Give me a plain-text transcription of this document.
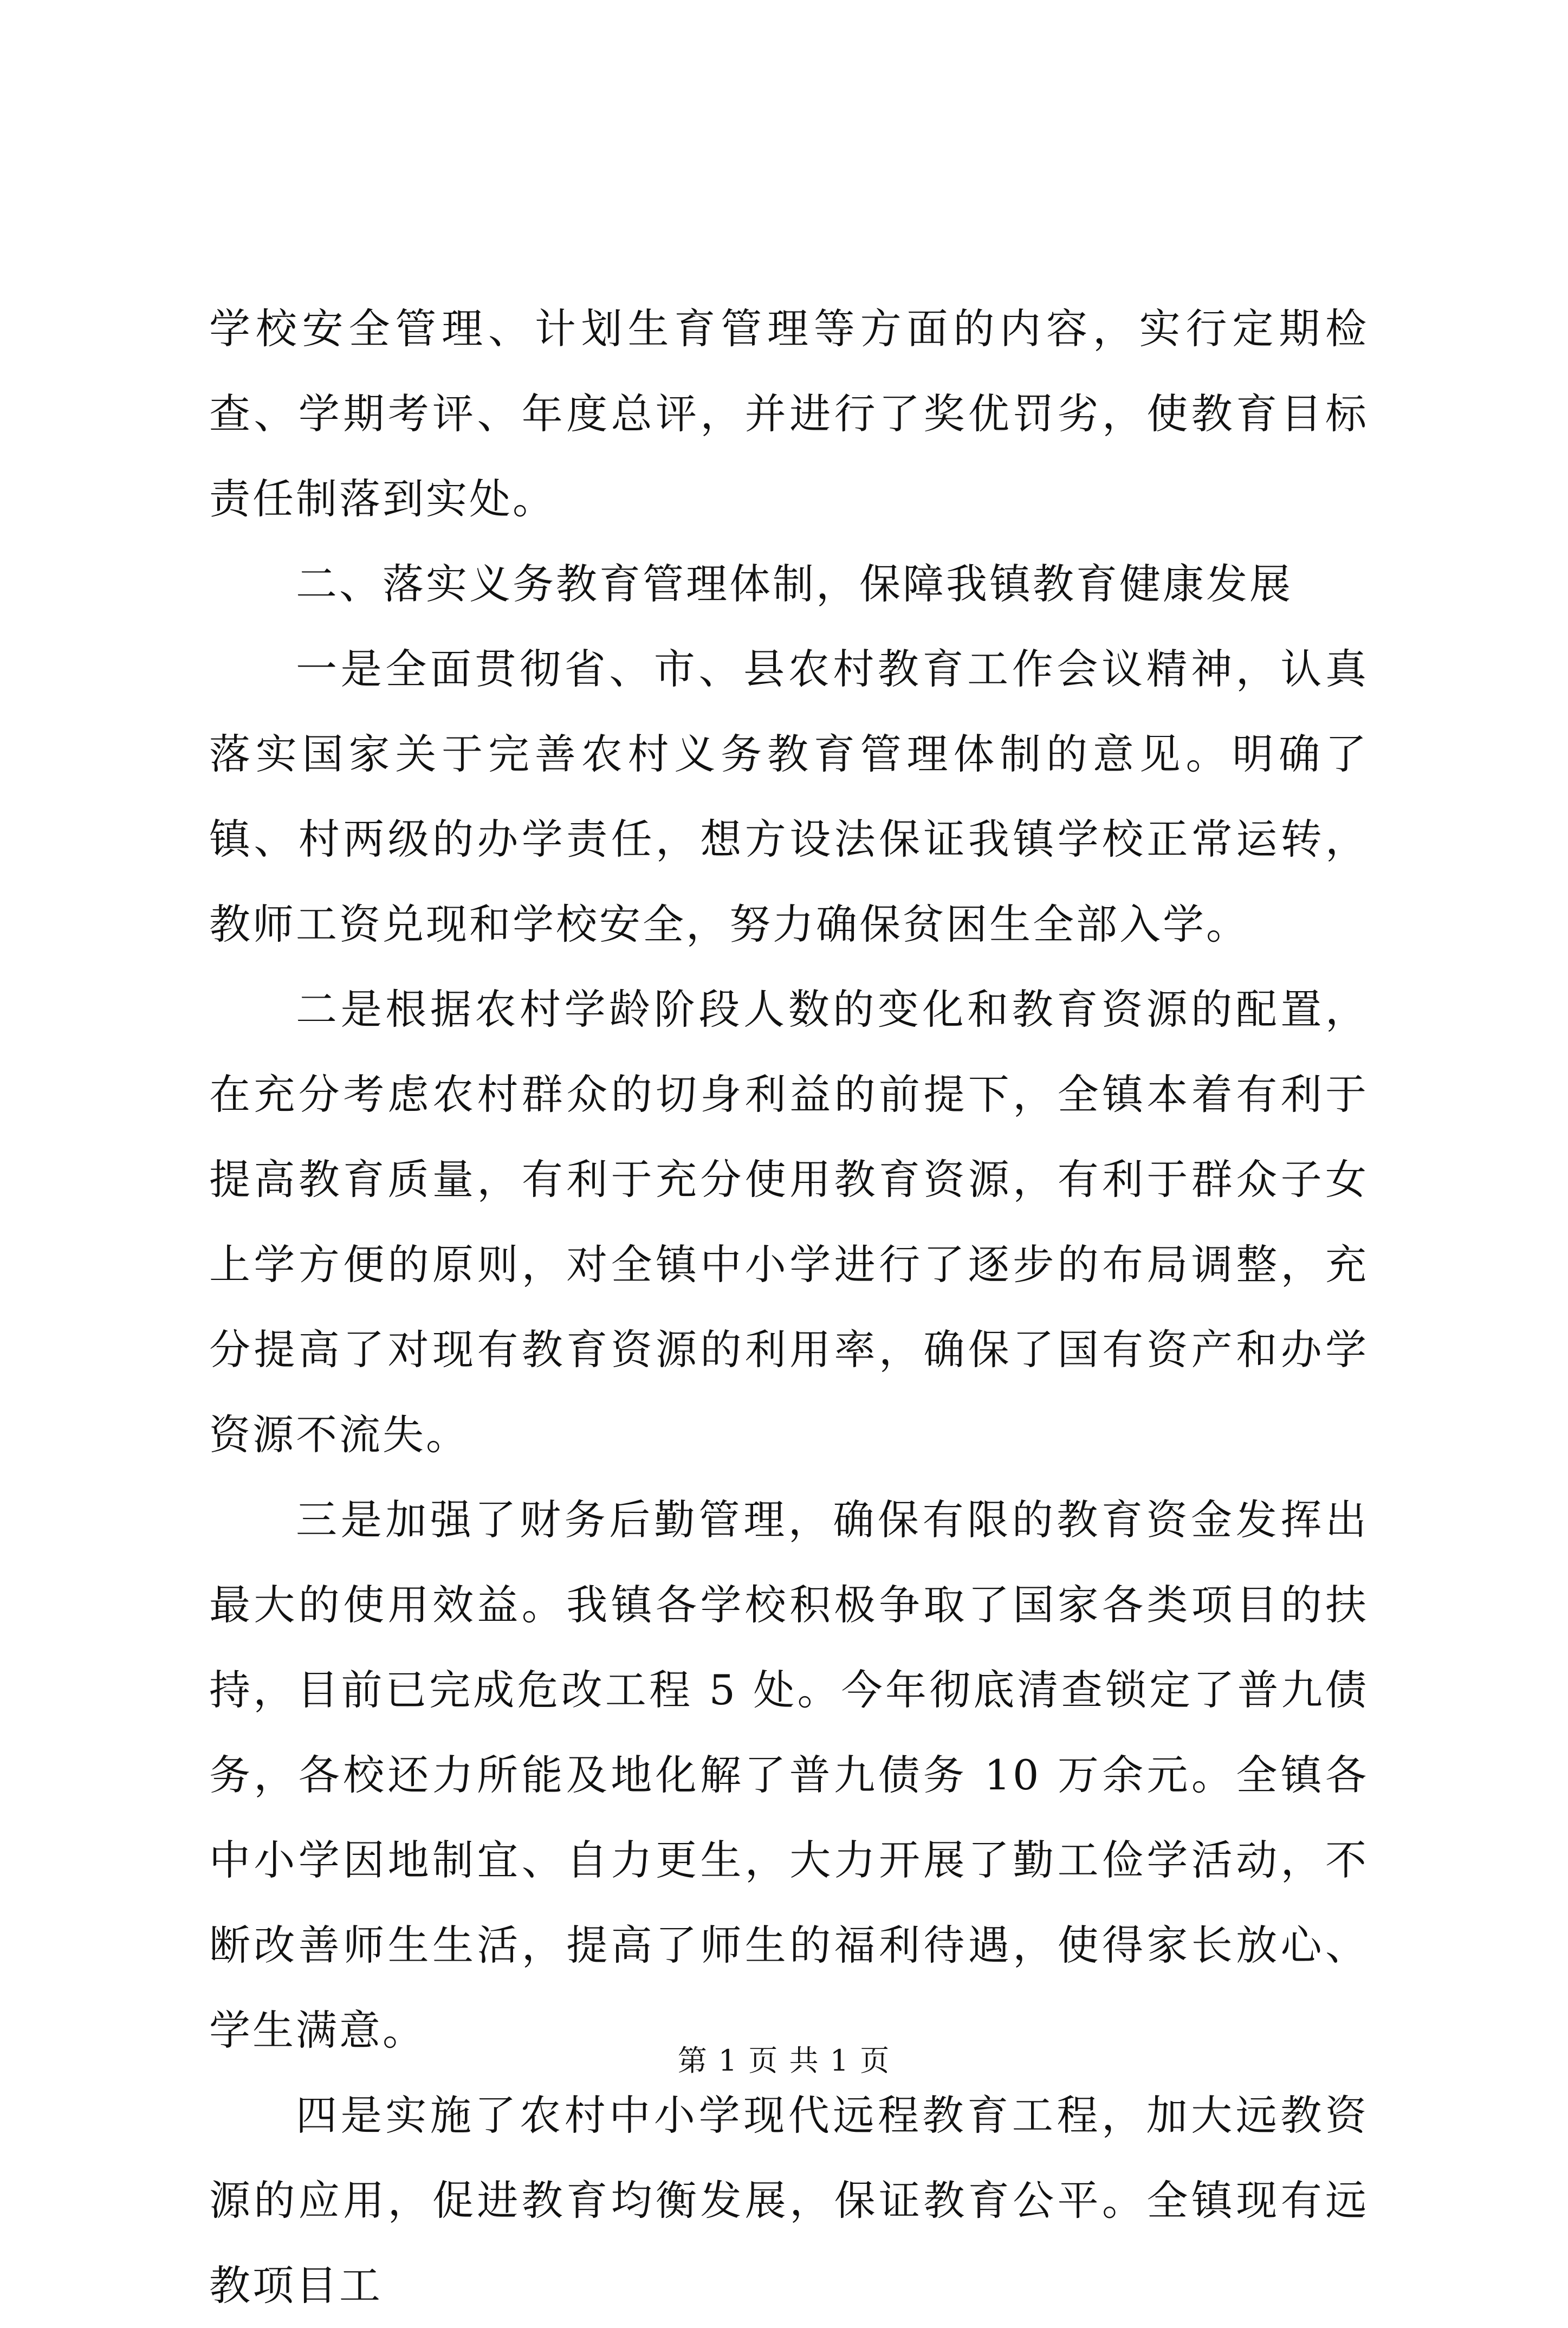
学校安全管理、计划生育管理等方面的内容，实行定期检查、学期考评、年度总评，并进行了奖优罚劣，使教育目标责任制落到实处。

二、落实义务教育管理体制，保障我镇教育健康发展

一是全面贯彻省、市、县农村教育工作会议精神，认真落实国家关于完善农村义务教育管理体制的意见。明确了镇、村两级的办学责任，想方设法保证我镇学校正常运转，教师工资兑现和学校安全，努力确保贫困生全部入学。

二是根据农村学龄阶段人数的变化和教育资源的配置，在充分考虑农村群众的切身利益的前提下，全镇本着有利于提高教育质量，有利于充分使用教育资源，有利于群众子女上学方便的原则，对全镇中小学进行了逐步的布局调整，充分提高了对现有教育资源的利用率，确保了国有资产和办学资源不流失。

三是加强了财务后勤管理，确保有限的教育资金发挥出最大的使用效益。我镇各学校积极争取了国家各类项目的扶持，目前已完成危改工程 5 处。今年彻底清查锁定了普九债务，各校还力所能及地化解了普九债务 10 万余元。全镇各中小学因地制宜、自力更生，大力开展了勤工俭学活动，不断改善师生生活，提高了师生的福利待遇，使得家长放心、学生满意。

四是实施了农村中小学现代远程教育工程，加大远教资源的应用，促进教育均衡发展，保证教育公平。全镇现有远教项目工

第 1 页 共 1 页
